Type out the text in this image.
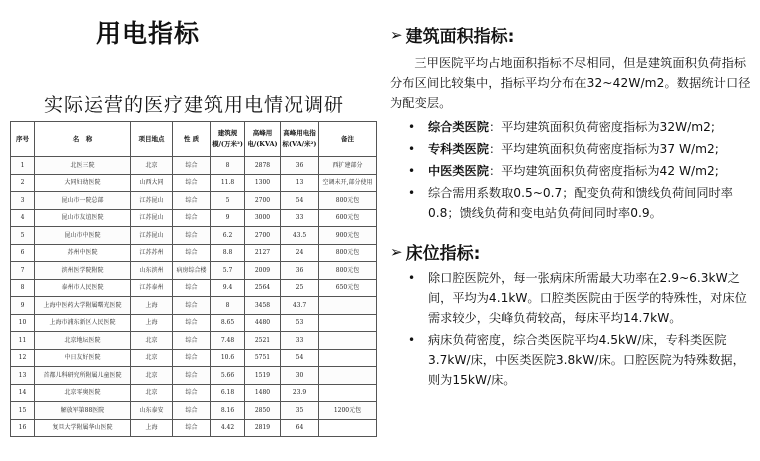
用电指标
实际运营的医疗建筑用电情况调研
序号	名　称	项目地点	性 质	建筑规模/(万米²)	高峰用电/(KVA)	高峰用电指标(VA/米²)	备注
1	北医三院	北京	综合	8	2878	36	西扩建部分
2	大同妇幼医院	山西大同	综合	11.8	1300	13	空调未开,部分使用
3	昆山市一院总部	江苏昆山	综合	5	2700	54	800元包
4	昆山市友谊医院	江苏昆山	综合	9	3000	33	600元包
5	昆山市中医院	江苏昆山	综合	6.2	2700	43.5	900元包
6	苏州中医院	江苏苏州	综合	8.8	2127	24	800元包
7	滨州医学院附院	山东滨州	病房综合楼	5.7	2009	36	800元包
8	泰州市人民医院	江苏泰州	综合	9.4	2564	25	650元包
9	上海中医药大学附属曙光医院	上海	综合	8	3458	43.7	
10	上海市浦东新区人民医院	上海	综合	8.65	4480	53	
11	北京地坛医院	北京	综合	7.48	2521	33	
12	中日友好医院	北京	综合	10.6	5751	54	
13	首都儿科研究所附属儿童医院	北京	综合	5.66	1519	30	
14	北京零奥医院	北京	综合	6.18	1480	23.9	
15	解放军第88医院	山东泰安	综合	8.16	2850	35	1200元包
16	复旦大学附属华山医院	上海	综合	4.42	2819	64	
➢ 建筑面积指标:

三甲医院平均占地面积指标不尽相同，但是建筑面积负荷指标分布区间比较集中，指标平均分布在32~42W/m2。数据统计口径为配变层。

• 综合类医院：平均建筑面积负荷密度指标为32W/m2;
• 专科类医院：平均建筑面积负荷密度指标为37 W/m2;
• 中医类医院：平均建筑面积负荷密度指标为42 W/m2;
• 综合需用系数取0.5~0.7；配变负荷和馈线负荷间同时率0.8；馈线负荷和变电站负荷间同时率0.9。
➢ 床位指标:
• 除口腔医院外，每一张病床所需最大功率在2.9~6.3kW之间，平均为4.1kW。口腔类医院由于医学的特殊性，对床位需求较少，尖峰负荷较高，每床平均14.7kW。
• 病床负荷密度，综合类医院平均4.5kW/床，专科类医院3.7kW/床，中医类医院3.8kW/床。口腔医院为特殊数据，则为15kW/床。
